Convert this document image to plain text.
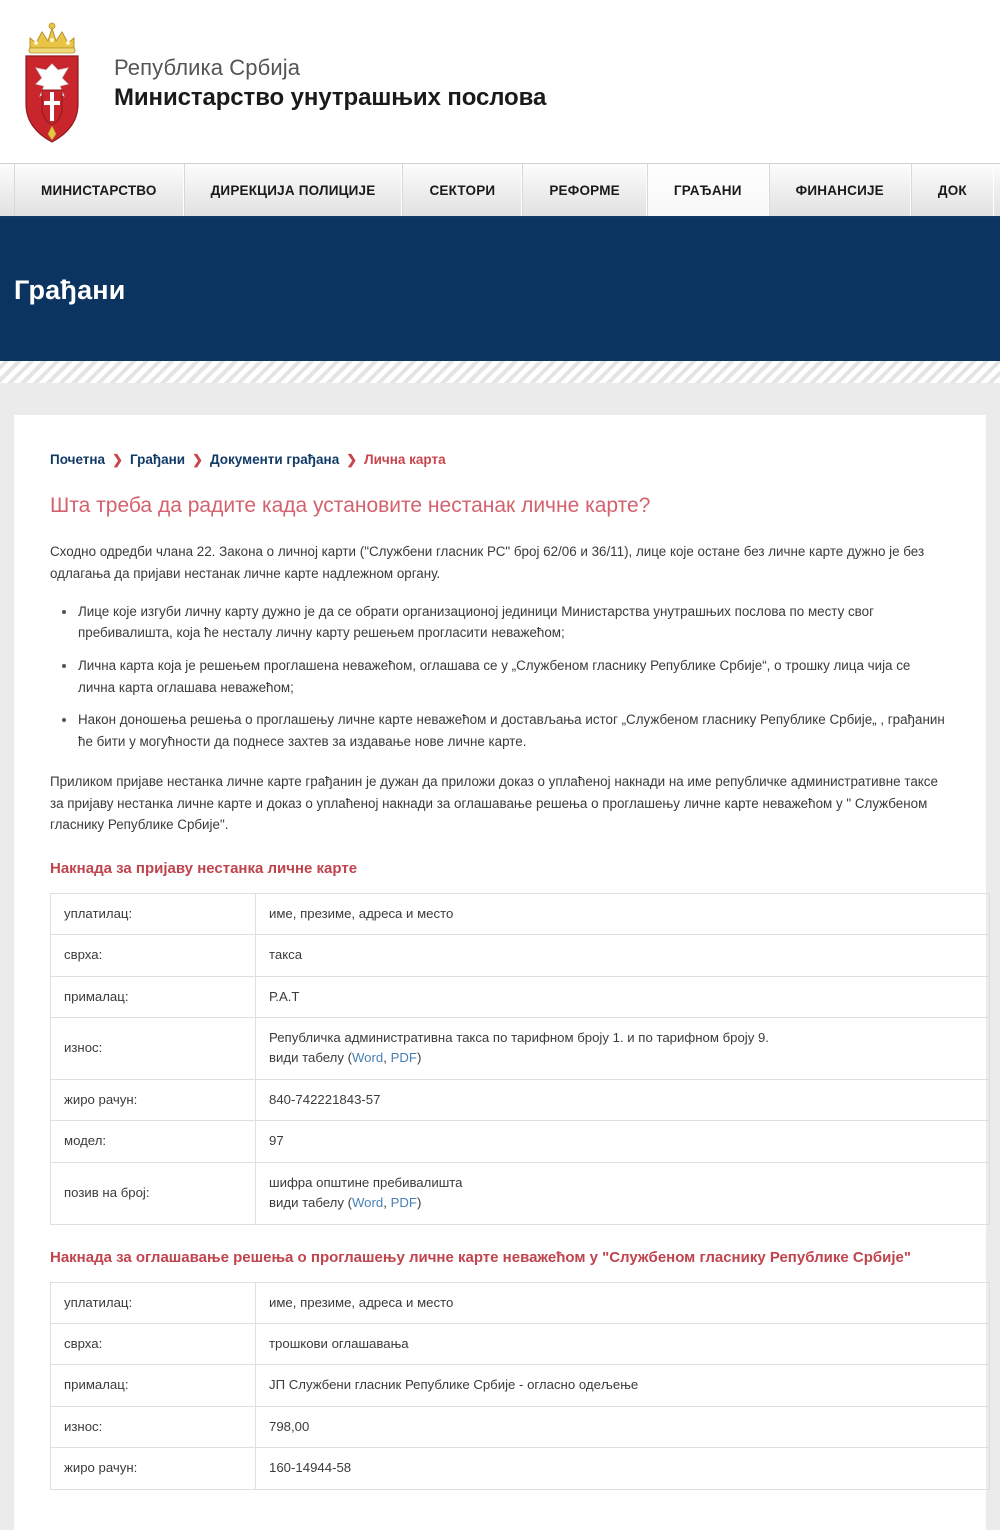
Република Србија
Министарство унутрашњих послова
МИНИСТАРСТВО	ДИРЕКЦИЈА ПОЛИЦИЈЕ	СЕКТОРИ	РЕФОРМЕ	ГРАЂАНИ	ФИНАНСИЈЕ	ДОК
Грађани
Почетна ❯ Грађани ❯ Документи грађана ❯ Лична карта
Шта треба да радите када установите нестанак личне карте?

Сходно одредби члана 22. Закона о личној карти ("Службени гласник РС" број 62/06 и 36/11), лице које остане без личне карте дужно је без одлагања да пријави нестанак личне карте надлежном органу.

Лице које изгуби личну карту дужно је да се обрати организационој јединици Министарства унутрашњих послова по месту свог пребивалишта, која ће несталу личну карту решењем прогласити неважећом;
Лична карта која је решењем проглашена неважећом, оглашава се у „Службеном гласнику Републике Србије“, о трошку лица чија се лична карта оглашава неважећом;
Након доношења решења о проглашењу личне карте неважећом и достављања истог „Службеном гласнику Републике Србије„ , грађанин ће бити у могућности да поднесе захтев за издавање нове личне карте.

Приликом пријаве нестанка личне карте грађанин је дужан да приложи доказ о уплаћеној накнади на име републичке административне таксе за пријаву нестанка личне карте и доказ о уплаћеној накнади за оглашавање решења о проглашењу личне карте неважећом у " Службеном гласнику Републике Србије".

Накнада за пријаву нестанка личне карте
уплатилац:	име, презиме, адреса и место
сврха:	такса
прималац:	Р.А.Т
износ:	Републичка административна такса по тарифном броју 1. и по тарифном броју 9.
види табелу (Word, PDF)

жиро рачун:	840-742221843-57
модел:	97
позив на број:	шифра општине пребивалишта
види табелу (Word, PDF)
Накнада за оглашавање решења о проглашењу личне карте неважећом у "Службеном гласнику Републике Србије"
уплатилац:	име, презиме, адреса и место
сврха:	трошкови оглашавања
прималац:	ЈП Службени гласник Републике Србије - огласно одељење
износ:	798,00
жиро рачун:	160-14944-58
